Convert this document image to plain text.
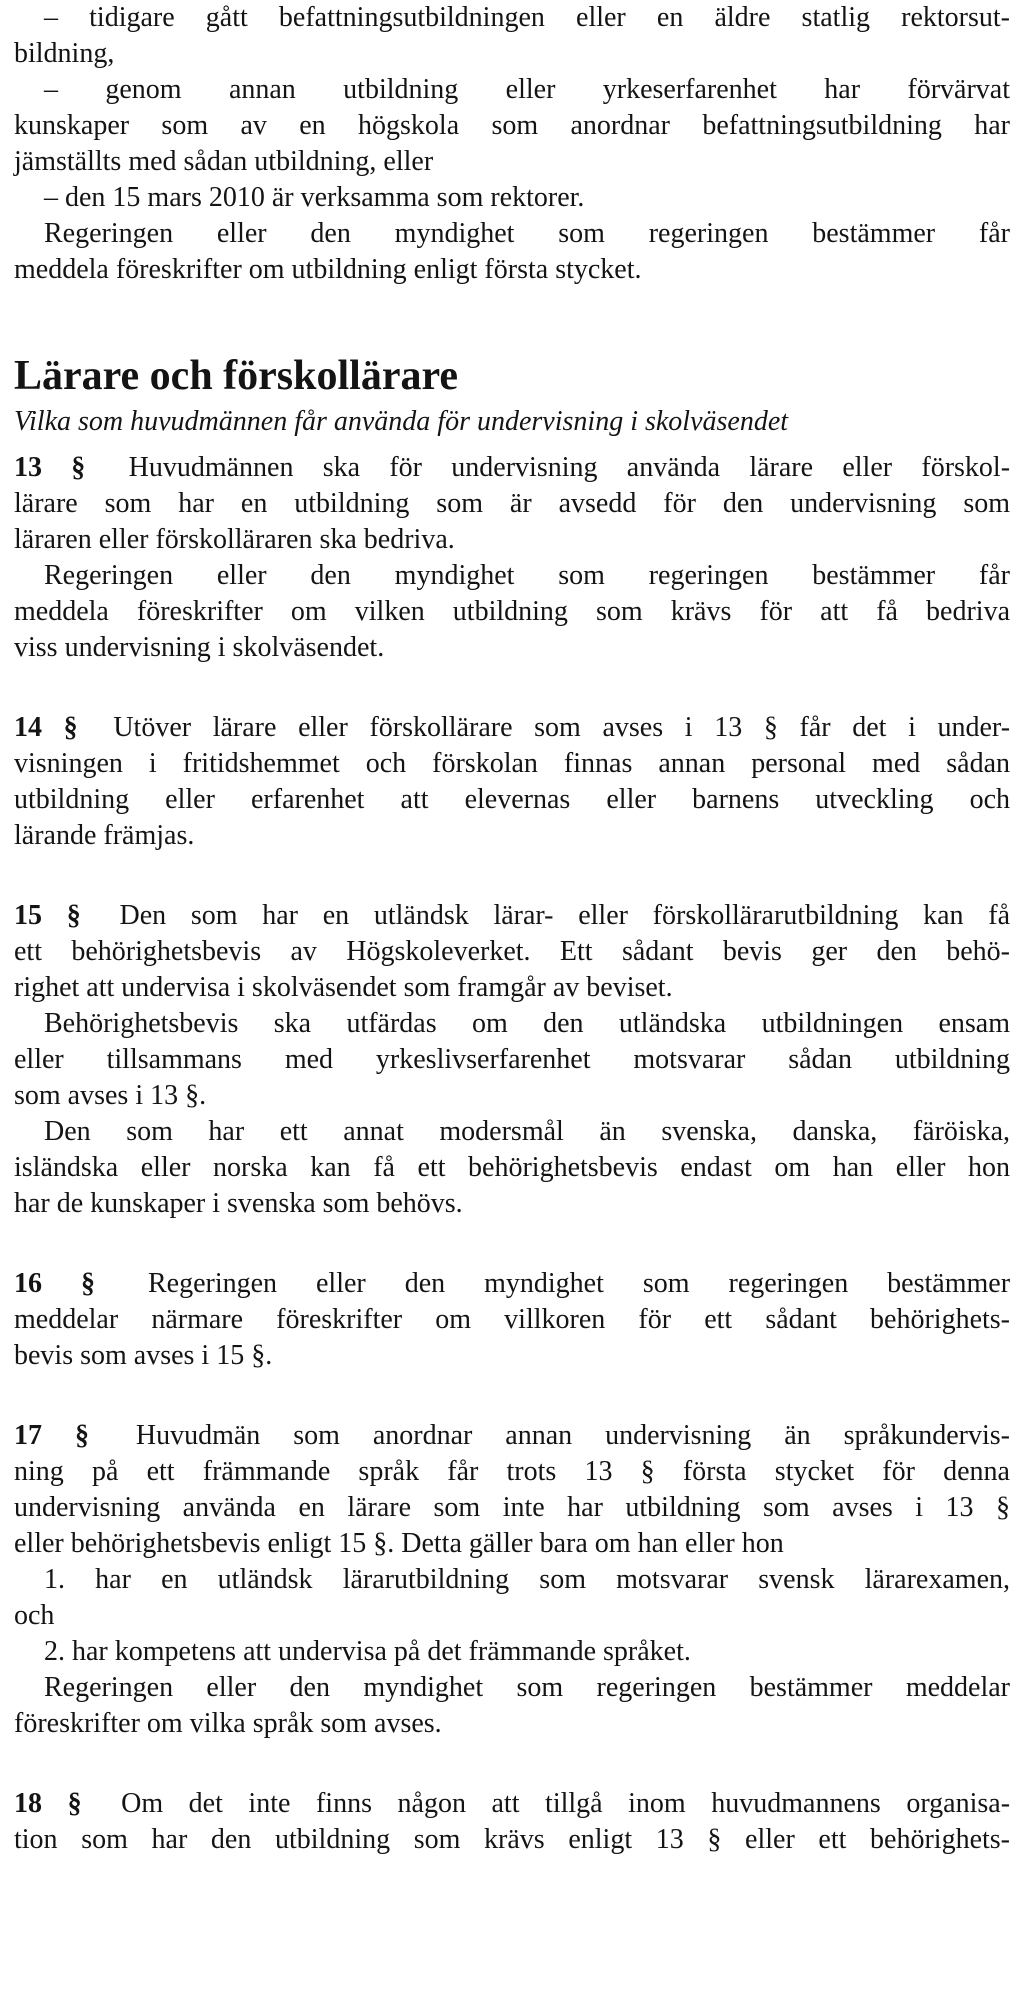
– tidigare gått befattningsutbildningen eller en äldre statlig rektorsut-
bildning,
– genom annan utbildning eller yrkeserfarenhet har förvärvat
kunskaper som av en högskola som anordnar befattningsutbildning har
jämställts med sådan utbildning, eller
– den 15 mars 2010 är verksamma som rektorer.
Regeringen eller den myndighet som regeringen bestämmer får
meddela föreskrifter om utbildning enligt första stycket.
Lärare och förskollärare

Vilka som huvudmännen får använda för undervisning i skolväsendet

13 § Huvudmännen ska för undervisning använda lärare eller förskol-
lärare som har en utbildning som är avsedd för den undervisning som
läraren eller förskolläraren ska bedriva.
Regeringen eller den myndighet som regeringen bestämmer får
meddela föreskrifter om vilken utbildning som krävs för att få bedriva
viss undervisning i skolväsendet.
14 § Utöver lärare eller förskollärare som avses i 13 § får det i under-
visningen i fritidshemmet och förskolan finnas annan personal med sådan
utbildning eller erfarenhet att elevernas eller barnens utveckling och
lärande främjas.
15 § Den som har en utländsk lärar- eller förskollärarutbildning kan få
ett behörighetsbevis av Högskoleverket. Ett sådant bevis ger den behö-
righet att undervisa i skolväsendet som framgår av beviset.
Behörighetsbevis ska utfärdas om den utländska utbildningen ensam
eller tillsammans med yrkeslivserfarenhet motsvarar sådan utbildning
som avses i 13 §.
Den som har ett annat modersmål än svenska, danska, färöiska,
isländska eller norska kan få ett behörighetsbevis endast om han eller hon
har de kunskaper i svenska som behövs.
16 § Regeringen eller den myndighet som regeringen bestämmer
meddelar närmare föreskrifter om villkoren för ett sådant behörighets-
bevis som avses i 15 §.
17 § Huvudmän som anordnar annan undervisning än språkundervis-
ning på ett främmande språk får trots 13 § första stycket för denna
undervisning använda en lärare som inte har utbildning som avses i 13 §
eller behörighetsbevis enligt 15 §. Detta gäller bara om han eller hon
1. har en utländsk lärarutbildning som motsvarar svensk lärarexamen,
och
2. har kompetens att undervisa på det främmande språket.
Regeringen eller den myndighet som regeringen bestämmer meddelar
föreskrifter om vilka språk som avses.
18 § Om det inte finns någon att tillgå inom huvudmannens organisa-
tion som har den utbildning som krävs enligt 13 § eller ett behörighets-
